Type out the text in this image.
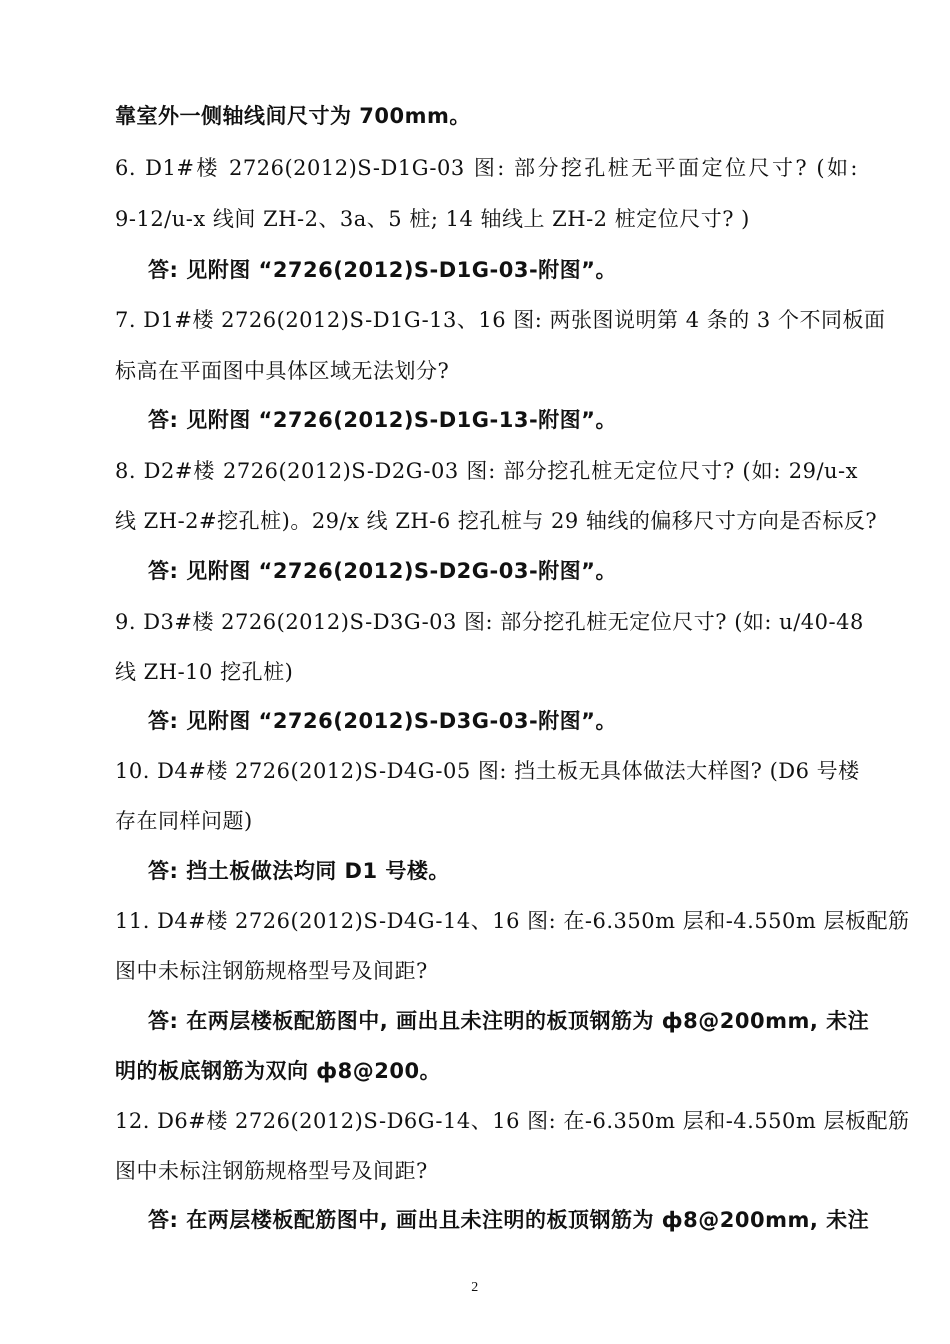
靠室外一侧轴线间尺寸为 700mm。
6. D1#楼 2726(2012)S-D1G-03 图: 部分挖孔桩无平面定位尺寸? (如:
9-12/u-x 线间 ZH-2、3a、5 桩; 14 轴线上 ZH-2 桩定位尺寸? )
答: 见附图 “2726(2012)S-D1G-03-附图”。
7. D1#楼 2726(2012)S-D1G-13、16 图: 两张图说明第 4 条的 3 个不同板面
标高在平面图中具体区域无法划分?
答: 见附图 “2726(2012)S-D1G-13-附图”。
8. D2#楼 2726(2012)S-D2G-03 图: 部分挖孔桩无定位尺寸? (如: 29/u-x
线 ZH-2#挖孔桩)。29/x 线 ZH-6 挖孔桩与 29 轴线的偏移尺寸方向是否标反?
答: 见附图 “2726(2012)S-D2G-03-附图”。
9. D3#楼 2726(2012)S-D3G-03 图: 部分挖孔桩无定位尺寸? (如: u/40-48
线 ZH-10 挖孔桩)
答: 见附图 “2726(2012)S-D3G-03-附图”。
10. D4#楼 2726(2012)S-D4G-05 图: 挡土板无具体做法大样图? (D6 号楼
存在同样问题)
答: 挡土板做法均同 D1 号楼。
11. D4#楼 2726(2012)S-D4G-14、16 图: 在-6.350m 层和-4.550m 层板配筋
图中未标注钢筋规格型号及间距?
答: 在两层楼板配筋图中, 画出且未注明的板顶钢筋为 ф8@200mm, 未注
明的板底钢筋为双向 ф8@200。
12. D6#楼 2726(2012)S-D6G-14、16 图: 在-6.350m 层和-4.550m 层板配筋
图中未标注钢筋规格型号及间距?
答: 在两层楼板配筋图中, 画出且未注明的板顶钢筋为 ф8@200mm, 未注
2
